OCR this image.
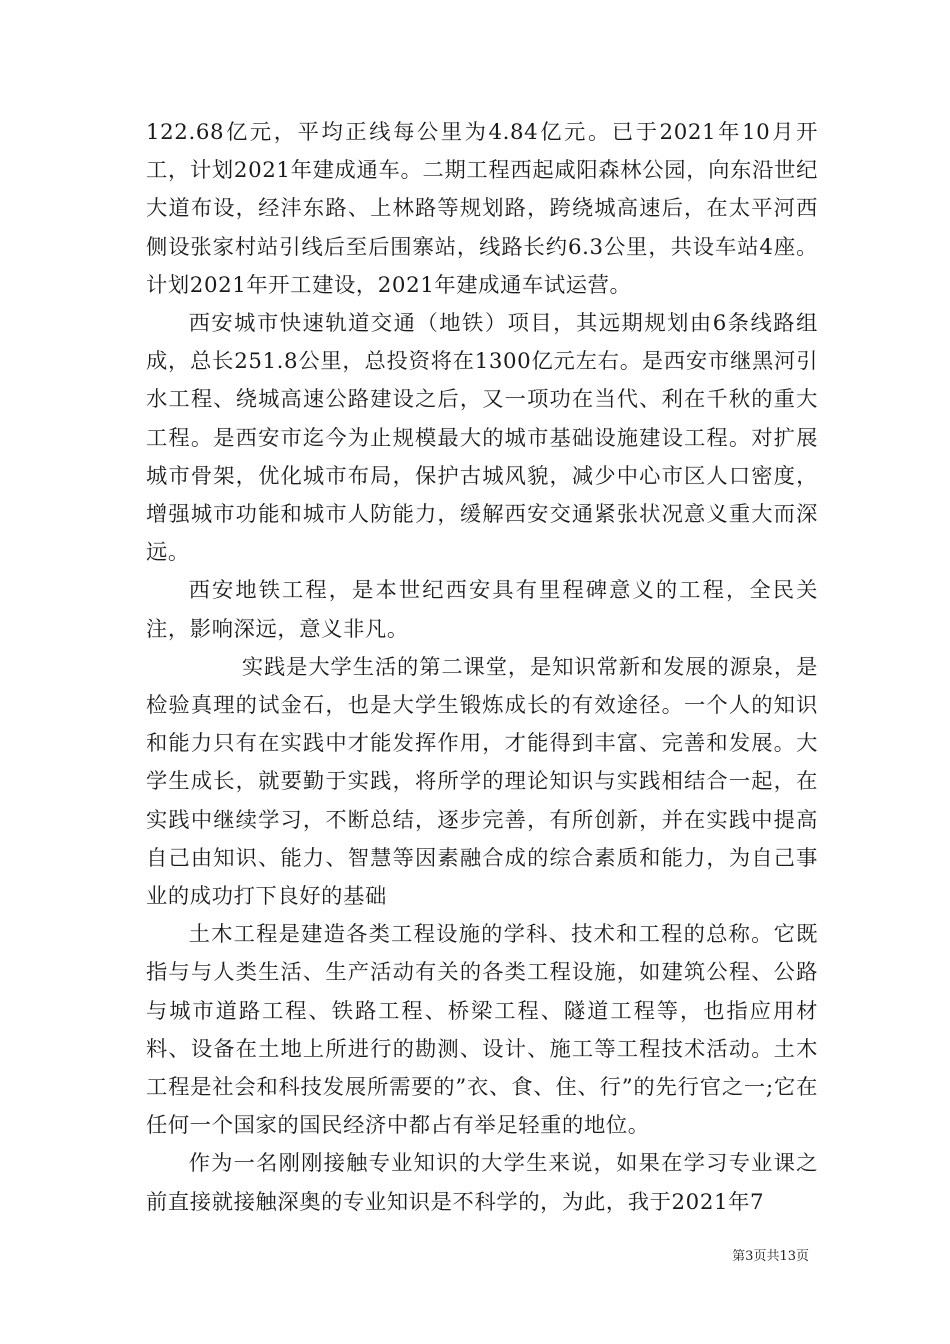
122.68亿元，平均正线每公里为4.84亿元。已于2021年10月开工，计划2021年建成通车。二期工程西起咸阳森林公园，向东沿世纪大道布设，经沣东路、上林路等规划路，跨绕城高速后，在太平河西侧设张家村站引线后至后围寨站，线路长约6.3公里，共设车站4座。计划2021年开工建设，2021年建成通车试运营。

西安城市快速轨道交通（地铁）项目，其远期规划由6条线路组成，总长251.8公里，总投资将在1300亿元左右。是西安市继黑河引水工程、绕城高速公路建设之后，又一项功在当代、利在千秋的重大工程。是西安市迄今为止规模最大的城市基础设施建设工程。对扩展城市骨架，优化城市布局，保护古城风貌，减少中心市区人口密度，增强城市功能和城市人防能力，缓解西安交通紧张状况意义重大而深远。

西安地铁工程，是本世纪西安具有里程碑意义的工程，全民关注，影响深远，意义非凡。

实践是大学生活的第二课堂，是知识常新和发展的源泉，是检验真理的试金石，也是大学生锻炼成长的有效途径。一个人的知识和能力只有在实践中才能发挥作用，才能得到丰富、完善和发展。大学生成长，就要勤于实践，将所学的理论知识与实践相结合一起，在实践中继续学习，不断总结，逐步完善，有所创新，并在实践中提高自己由知识、能力、智慧等因素融合成的综合素质和能力，为自己事业的成功打下良好的基础

土木工程是建造各类工程设施的学科、技术和工程的总称。它既指与与人类生活、生产活动有关的各类工程设施，如建筑公程、公路与城市道路工程、铁路工程、桥梁工程、隧道工程等，也指应用材料、设备在土地上所进行的勘测、设计、施工等工程技术活动。土木工程是社会和科技发展所需要的”衣、食、住、行”的先行官之一;它在任何一个国家的国民经济中都占有举足轻重的地位。

作为一名刚刚接触专业知识的大学生来说，如果在学习专业课之前直接就接触深奥的专业知识是不科学的，为此，我于2021年7

第3页共13页
